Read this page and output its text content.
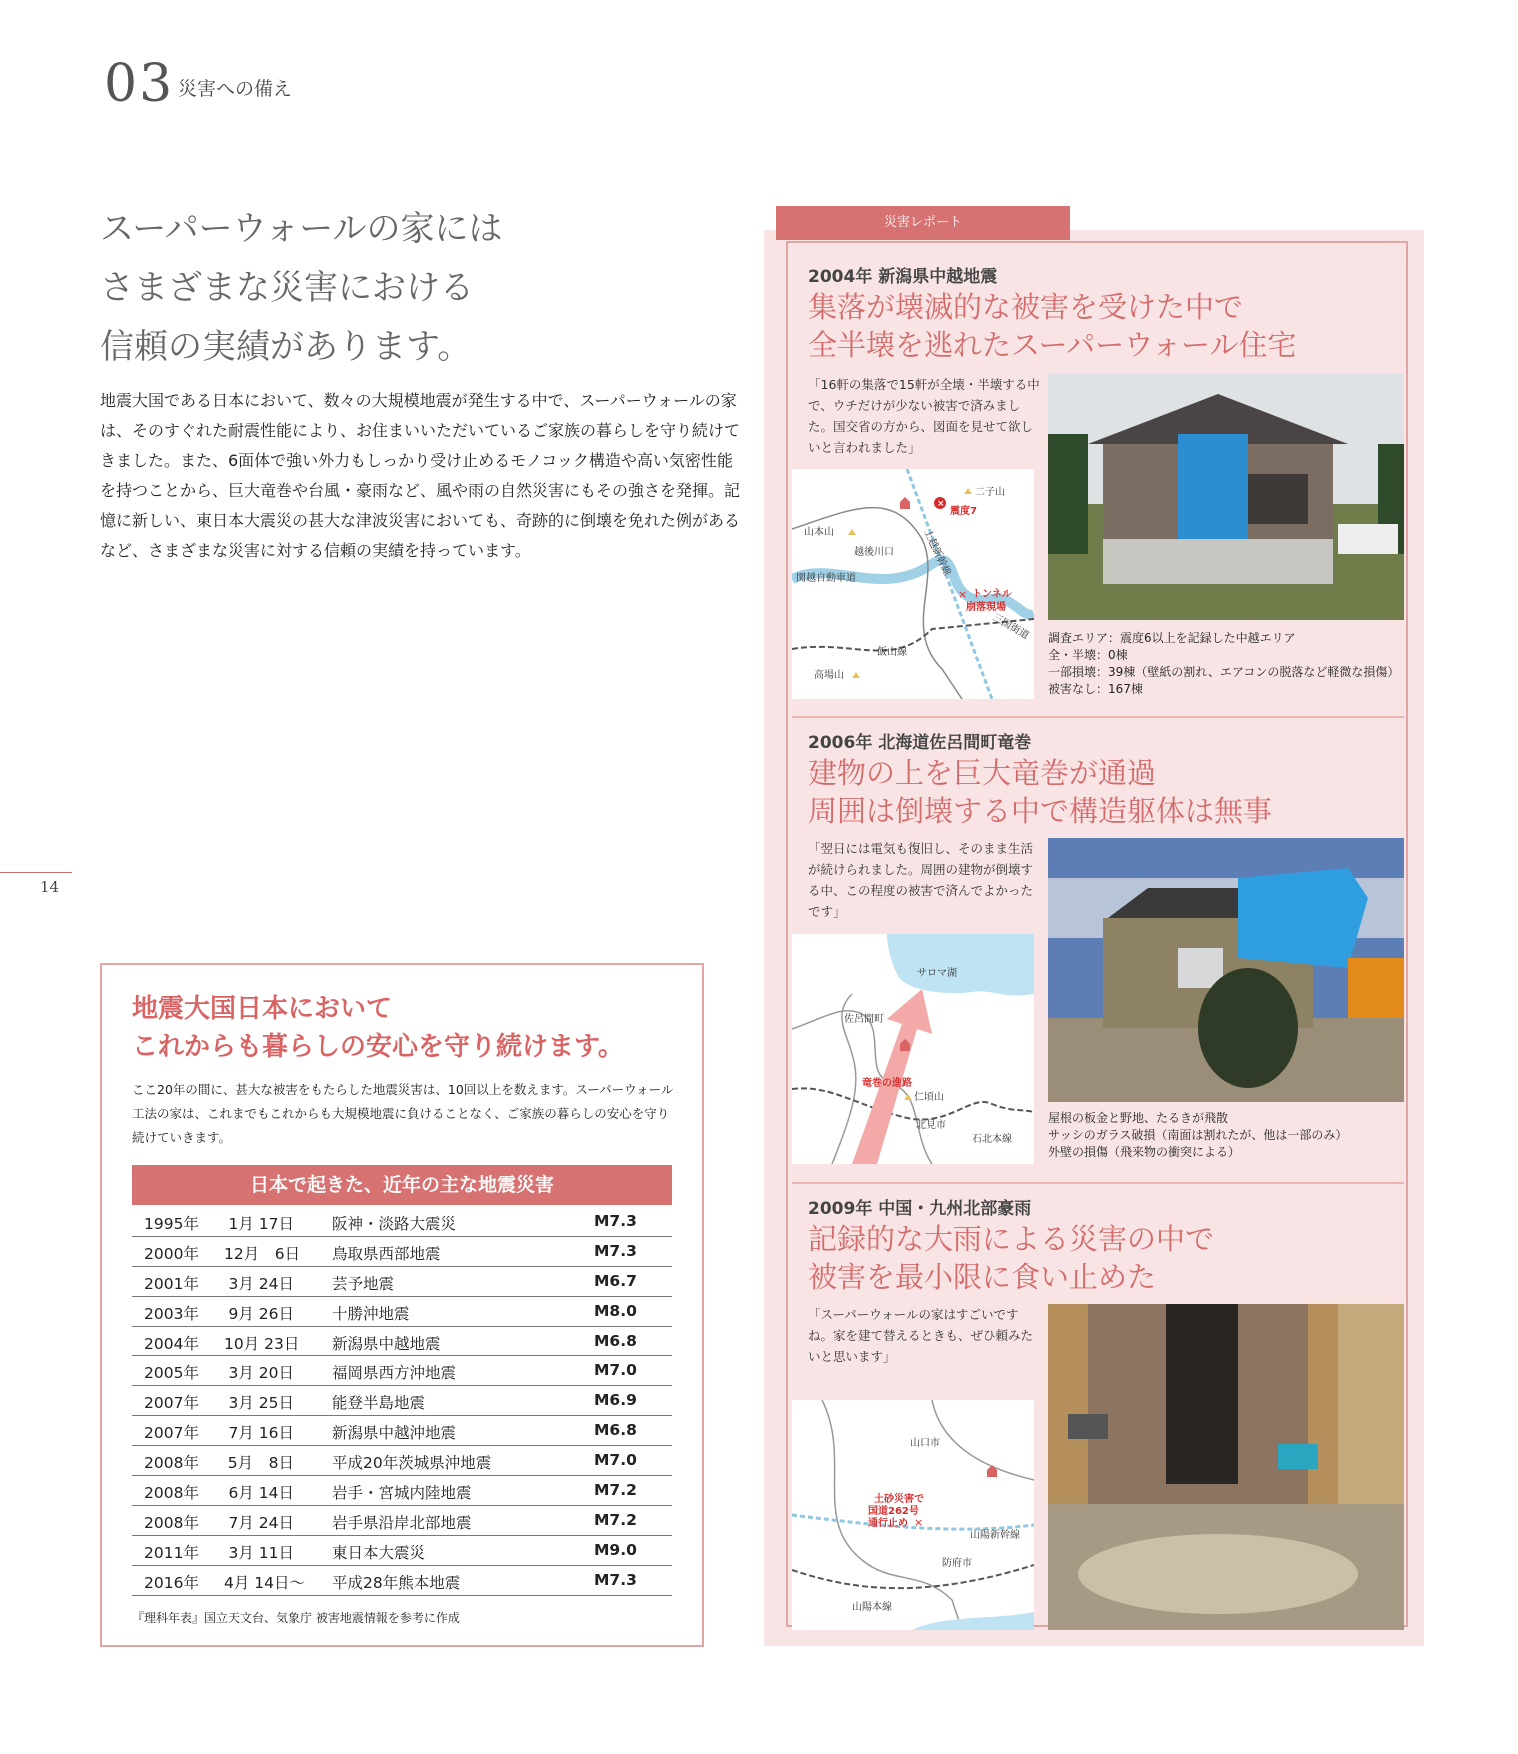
03 災害への備え
スーパーウォールの家には
さまざまな災害における
信頼の実績があります。
地震大国である日本において、数々の大規模地震が発生する中で、スーパーウォールの家は、そのすぐれた耐震性能により、お住まいいただいているご家族の暮らしを守り続けてきました。また、6面体で強い外力もしっかり受け止めるモノコック構造や高い気密性能を持つことから、巨大竜巻や台風・豪雨など、風や雨の自然災害にもその強さを発揮。記憶に新しい、東日本大震災の甚大な津波災害においても、奇跡的に倒壊を免れた例があるなど、さまざまな災害に対する信頼の実績を持っています。
14
地震大国日本において
これからも暮らしの安心を守り続けます。
ここ20年の間に、甚大な被害をもたらした地震災害は、10回以上を数えます。スーパーウォール工法の家は、これまでもこれからも大規模地震に負けることなく、ご家族の暮らしの安心を守り続けていきます。
日本で起きた、近年の主な地震災害
1995年 1月 17日 阪神・淡路大震災	M7.3
2000年 12月　6日 鳥取県西部地震	M7.3
2001年 3月 24日 芸予地震	M6.7
2003年 9月 26日 十勝沖地震	M8.0
2004年 10月 23日 新潟県中越地震	M6.8
2005年 3月 20日 福岡県西方沖地震	M7.0
2007年 3月 25日 能登半島地震	M6.9
2007年 7月 16日 新潟県中越沖地震	M6.8
2008年 5月　8日 平成20年茨城県沖地震	M7.0
2008年 6月 14日 岩手・宮城内陸地震	M7.2
2008年 7月 24日 岩手県沿岸北部地震	M7.2
2011年 3月 11日 東日本大震災	M9.0
2016年 4月 14日～ 平成28年熊本地震	M7.3
『理科年表』国立天文台、気象庁 被害地震情報を参考に作成
災害レポート
2004年 新潟県中越地震
集落が壊滅的な被害を受けた中で
全半壊を逃れたスーパーウォール住宅
「16軒の集落で15軒が全壊・半壊する中で、ウチだけが少ない被害で済みました。国交省の方から、図面を見せて欲しいと言われました」
×
二子山
震度7
山本山
越後川口	上越新幹線
関越自動車道
トンネル
崩落現場
×
三国街道
飯山線
高場山
調査エリア：震度6以上を記録した中越エリア
全・半壊：0棟
一部損壊：39棟（壁紙の割れ、エアコンの脱落など軽微な損傷）
被害なし：167棟
2006年 北海道佐呂間町竜巻
建物の上を巨大竜巻が通過
周囲は倒壊する中で構造躯体は無事
「翌日には電気も復旧し、そのまま生活が続けられました。周囲の建物が倒壊する中、この程度の被害で済んでよかったです」
サロマ湖
佐呂間町
竜巻の進路
仁頃山
北見市
石北本線
屋根の板金と野地、たるきが飛散
サッシのガラス破損（南面は割れたが、他は一部のみ）
外壁の損傷（飛来物の衝突による）
2009年 中国・九州北部豪雨
記録的な大雨による災害の中で
被害を最小限に食い止めた
「スーパーウォールの家はすごいですね。家を建て替えるときも、ぜひ頼みたいと思います」
山口市
土砂災害で
国道262号
通行止め ×
山陽新幹線
防府市
山陽本線
